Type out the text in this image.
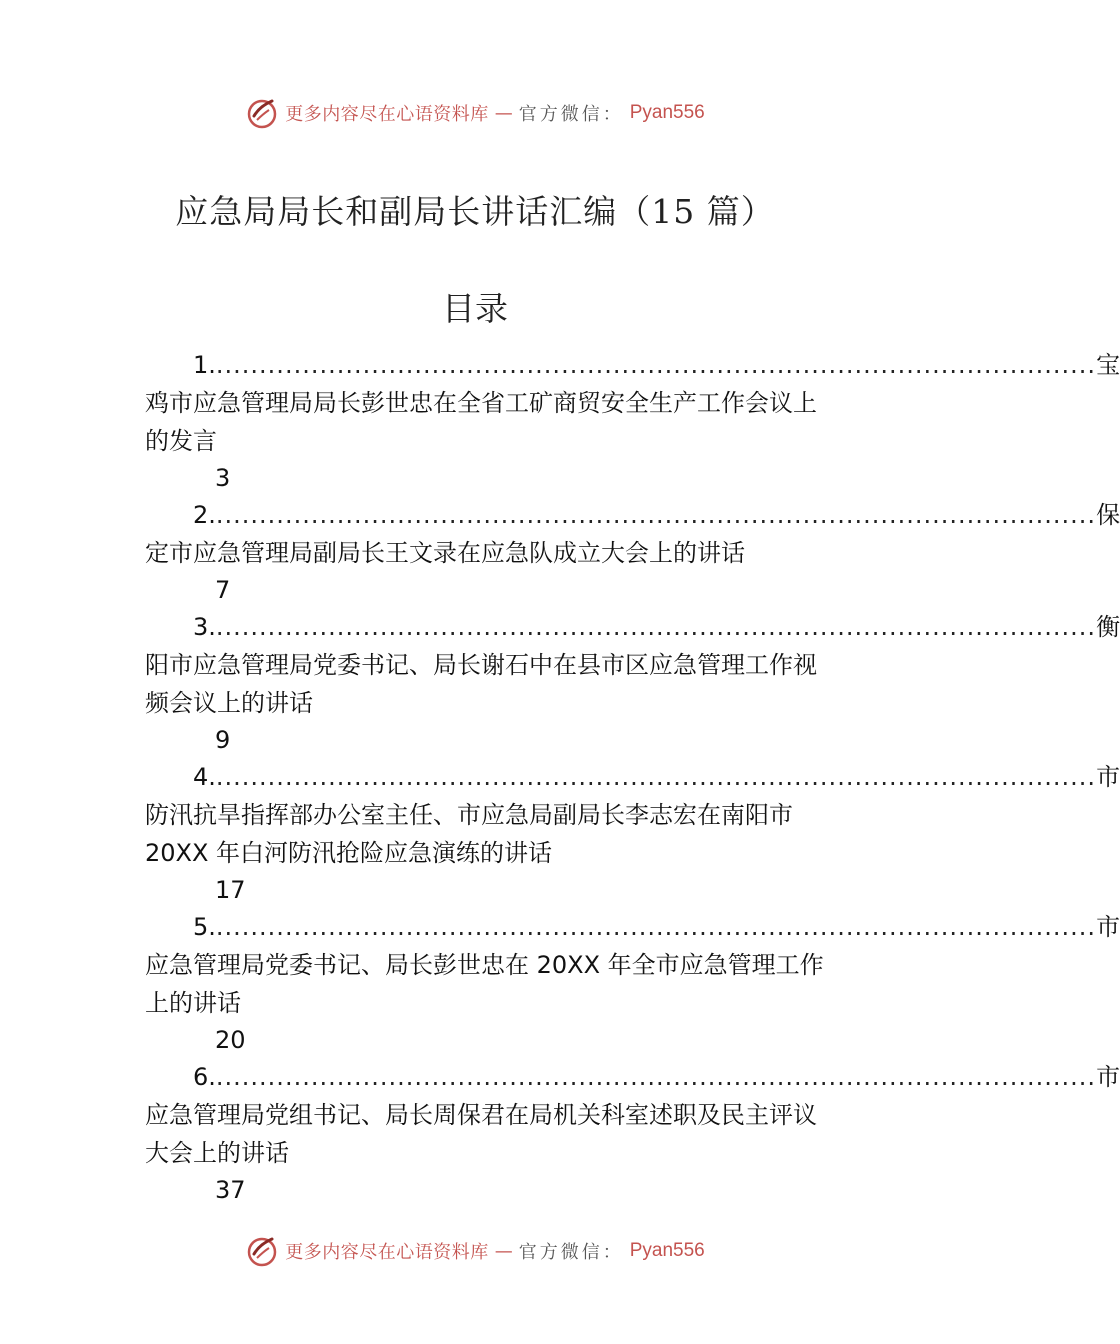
更多内容尽在心语资料库 — 官方微信： Pyan556
应急局局长和副局长讲话汇编（15 篇）
目录
1. ...................................................................................................... 宝
鸡市应急管理局局长彭世忠在全省工矿商贸安全生产工作会议上的发言
3
2. ...................................................................................................... 保
定市应急管理局副局长王文录在应急队成立大会上的讲话
7
3. ...................................................................................................... 衡
阳市应急管理局党委书记、局长谢石中在县市区应急管理工作视频会议上的讲话
9
4. ...................................................................................................... 市
防汛抗旱指挥部办公室主任、市应急局副局长李志宏在南阳市 20XX 年白河防汛抢险应急演练的讲话
17
5. ...................................................................................................... 市
应急管理局党委书记、局长彭世忠在 20XX 年全市应急管理工作上的讲话
20
6. ...................................................................................................... 市
应急管理局党组书记、局长周保君在局机关科室述职及民主评议大会上的讲话
37
更多内容尽在心语资料库 — 官方微信： Pyan556
